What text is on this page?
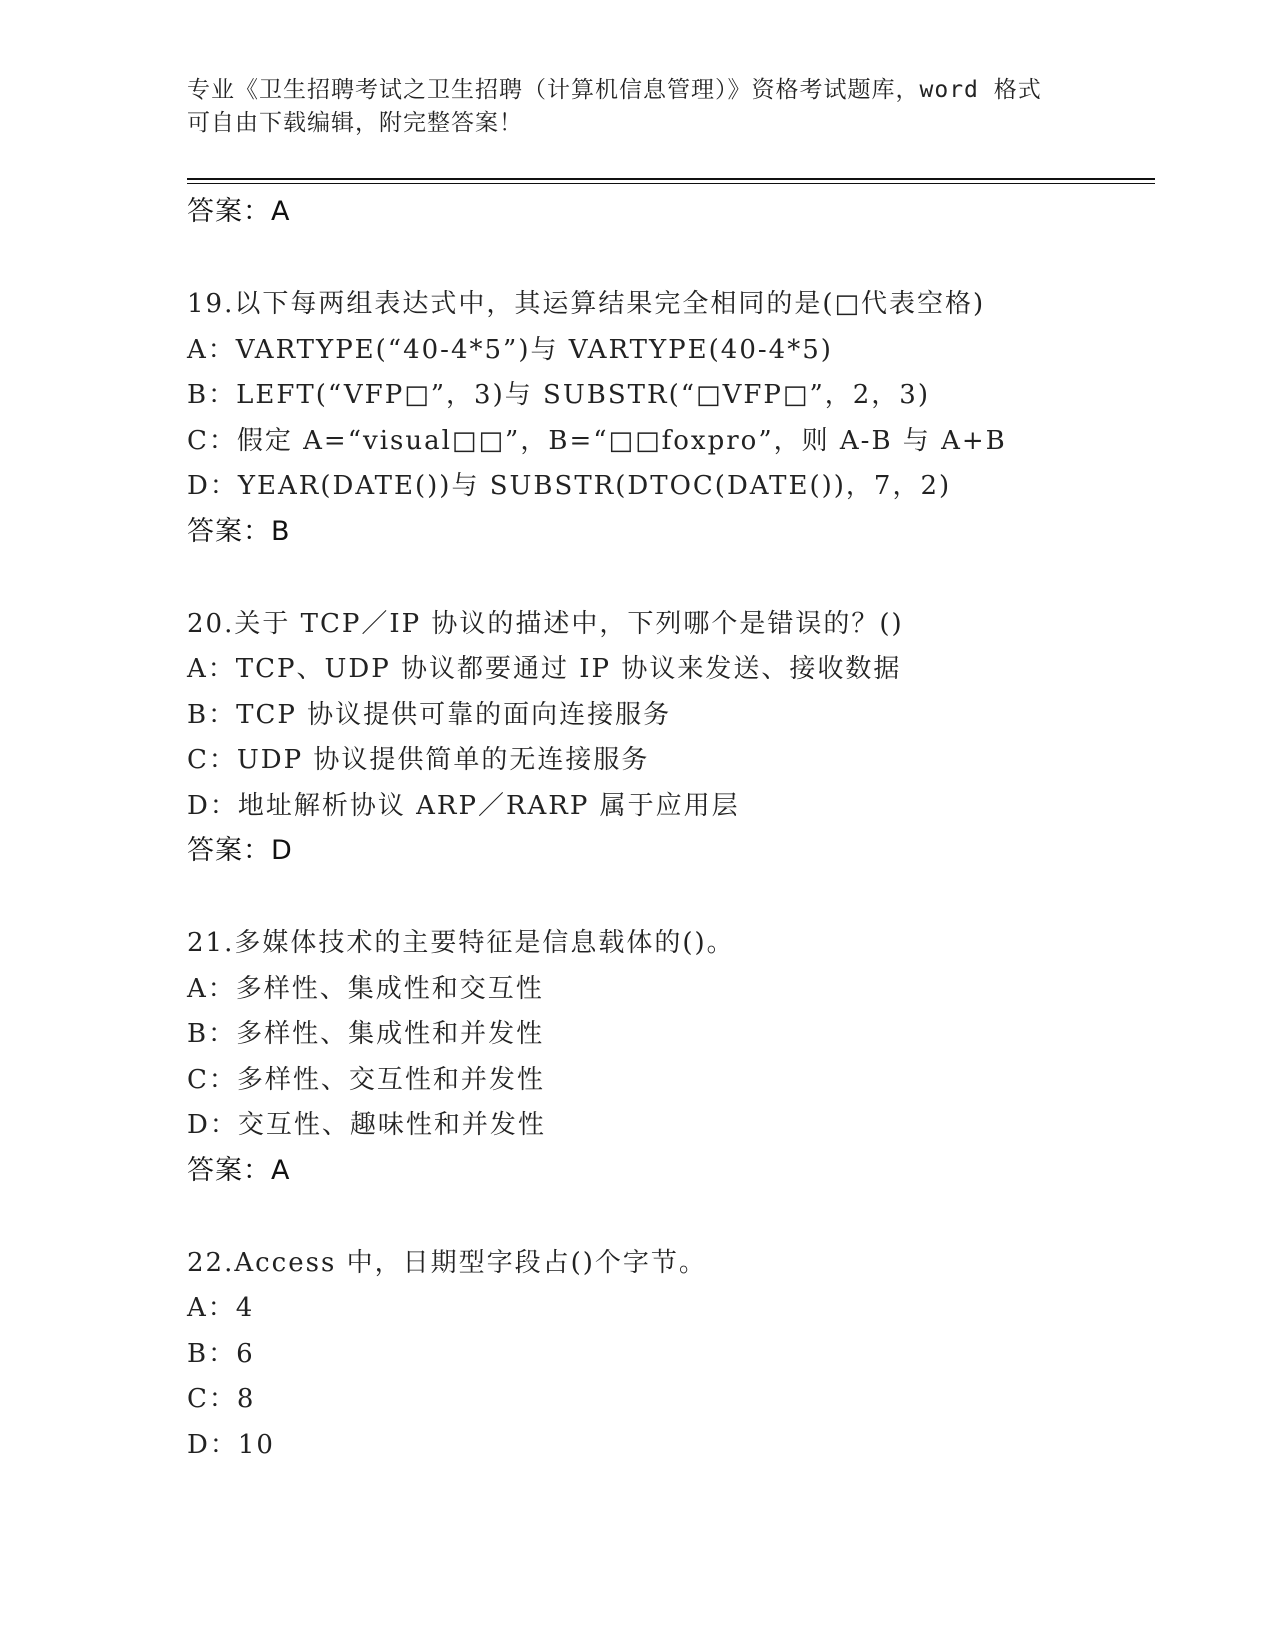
专业《卫生招聘考试之卫生招聘（计算机信息管理）》资格考试题库，word 格式
可自由下载编辑，附完整答案！
答案：A
19.以下每两组表达式中，其运算结果完全相同的是(□代表空格)
A：VARTYPE(“40-4*5”)与 VARTYPE(40-4*5)
B：LEFT(“VFP□”，3)与 SUBSTR(“□VFP□”，2，3)
C：假定 A=“visual□□”，B=“□□foxpro”，则 A-B 与 A+B
D：YEAR(DATE())与 SUBSTR(DTOC(DATE())，7，2)
答案：B
20.关于 TCP／IP 协议的描述中，下列哪个是错误的？()
A：TCP、UDP 协议都要通过 IP 协议来发送、接收数据
B：TCP 协议提供可靠的面向连接服务
C：UDP 协议提供简单的无连接服务
D：地址解析协议 ARP／RARP 属于应用层
答案：D
21.多媒体技术的主要特征是信息载体的()。
A：多样性、集成性和交互性
B：多样性、集成性和并发性
C：多样性、交互性和并发性
D：交互性、趣味性和并发性
答案：A
22.Access 中，日期型字段占()个字节。
A：4
B：6
C：8
D：10
